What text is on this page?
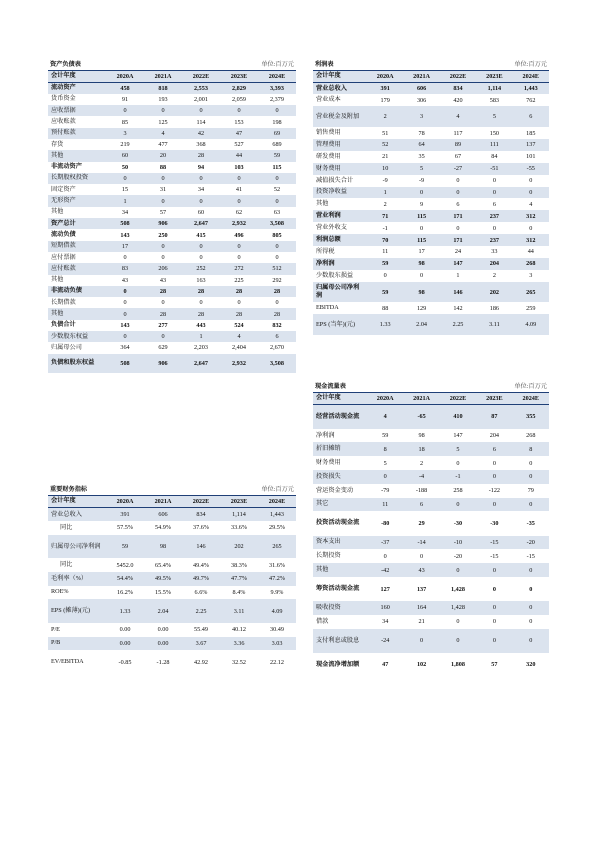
资产负债表	单位:百万元
会计年度	2020A	2021A	2022E	2023E	2024E
流动资产	458	818	2,553	2,829	3,393
货币资金	91	193	2,001	2,059	2,379
应收票据	0	0	0	0	0
应收账款	85	125	114	153	198
预付账款	3	4	42	47	69
存货	219	477	368	527	689
其他	60	20	28	44	59
非流动资产	50	88	94	103	115
长期股权投资	0	0	0	0	0
固定资产	15	31	34	41	52
无形资产	1	0	0	0	0
其他	34	57	60	62	63
资产总计	508	906	2,647	2,932	3,508
流动负债	143	250	415	496	805
短期借款	17	0	0	0	0
应付票据	0	0	0	0	0
应付账款	83	206	252	272	512
其他	43	43	163	225	292
非流动负债	0	28	28	28	28
长期借款	0	0	0	0	0
其他	0	28	28	28	28
负债合计	143	277	443	524	832
少数股东权益	0	0	1	4	6
归属母公司	364	629	2,203	2,404	2,670
负债和股东权益	508	906	2,647	2,932	3,508
重要财务指标	单位:百万元
会计年度	2020A	2021A	2022E	2023E	2024E
营业总收入	391	606	834	1,114	1,443
同比	57.5%	54.9%	37.6%	33.6%	29.5%
归属母公司净利润	59	98	146	202	265
同比	5452.0	65.4%	49.4%	38.3%	31.6%
毛利率（%）	54.4%	49.5%	49.7%	47.7%	47.2%
ROE%	16.2%	15.5%	6.6%	8.4%	9.9%
EPS (摊薄)(元)	1.33	2.04	2.25	3.11	4.09
P/E	0.00	0.00	55.49	40.12	30.49
P/B	0.00	0.00	3.67	3.36	3.03
EV/EBITDA	-0.85	-1.28	42.92	32.52	22.12
利润表	单位:百万元
会计年度	2020A	2021A	2022E	2023E	2024E
营业总收入	391	606	834	1,114	1,443
营业成本	179	306	420	583	762
营业税金及附加	2	3	4	5	6
销售费用	51	78	117	150	185
管理费用	52	64	89	111	137
研发费用	21	35	67	84	101
财务费用	10	5	-27	-51	-55
减值损失合计	-9	-9	0	0	0
投资净收益	1	0	0	0	0
其他	2	9	6	6	4
营业利润	71	115	171	237	312
营业外收支	-1	0	0	0	0
利润总额	70	115	171	237	312
所得税	11	17	24	33	44
净利润	59	98	147	204	268
少数股东损益	0	0	1	2	3
归属母公司净利润	59	98	146	202	265
EBITDA	88	129	142	186	259
EPS (当年)(元)	1.33	2.04	2.25	3.11	4.09
现金流量表	单位:百万元
会计年度	2020A	2021A	2022E	2023E	2024E
经营活动现金流	4	-65	410	87	355
净利润	59	98	147	204	268
折旧摊销	8	18	5	6	8
财务费用	5	2	0	0	0
投资损失	0	-4	-1	0	0
营运资金变动	-79	-188	258	-122	79
其它	11	6	0	0	0
投资活动现金流	-80	29	-30	-30	-35
资本支出	-37	-14	-10	-15	-20
长期投资	0	0	-20	-15	-15
其他	-42	43	0	0	0
筹资活动现金流	127	137	1,428	0	0
吸收投资	160	164	1,428	0	0
借款	34	21	0	0	0
支付利息或股息	-24	0	0	0	0
现金流净增加额	47	102	1,808	57	320
